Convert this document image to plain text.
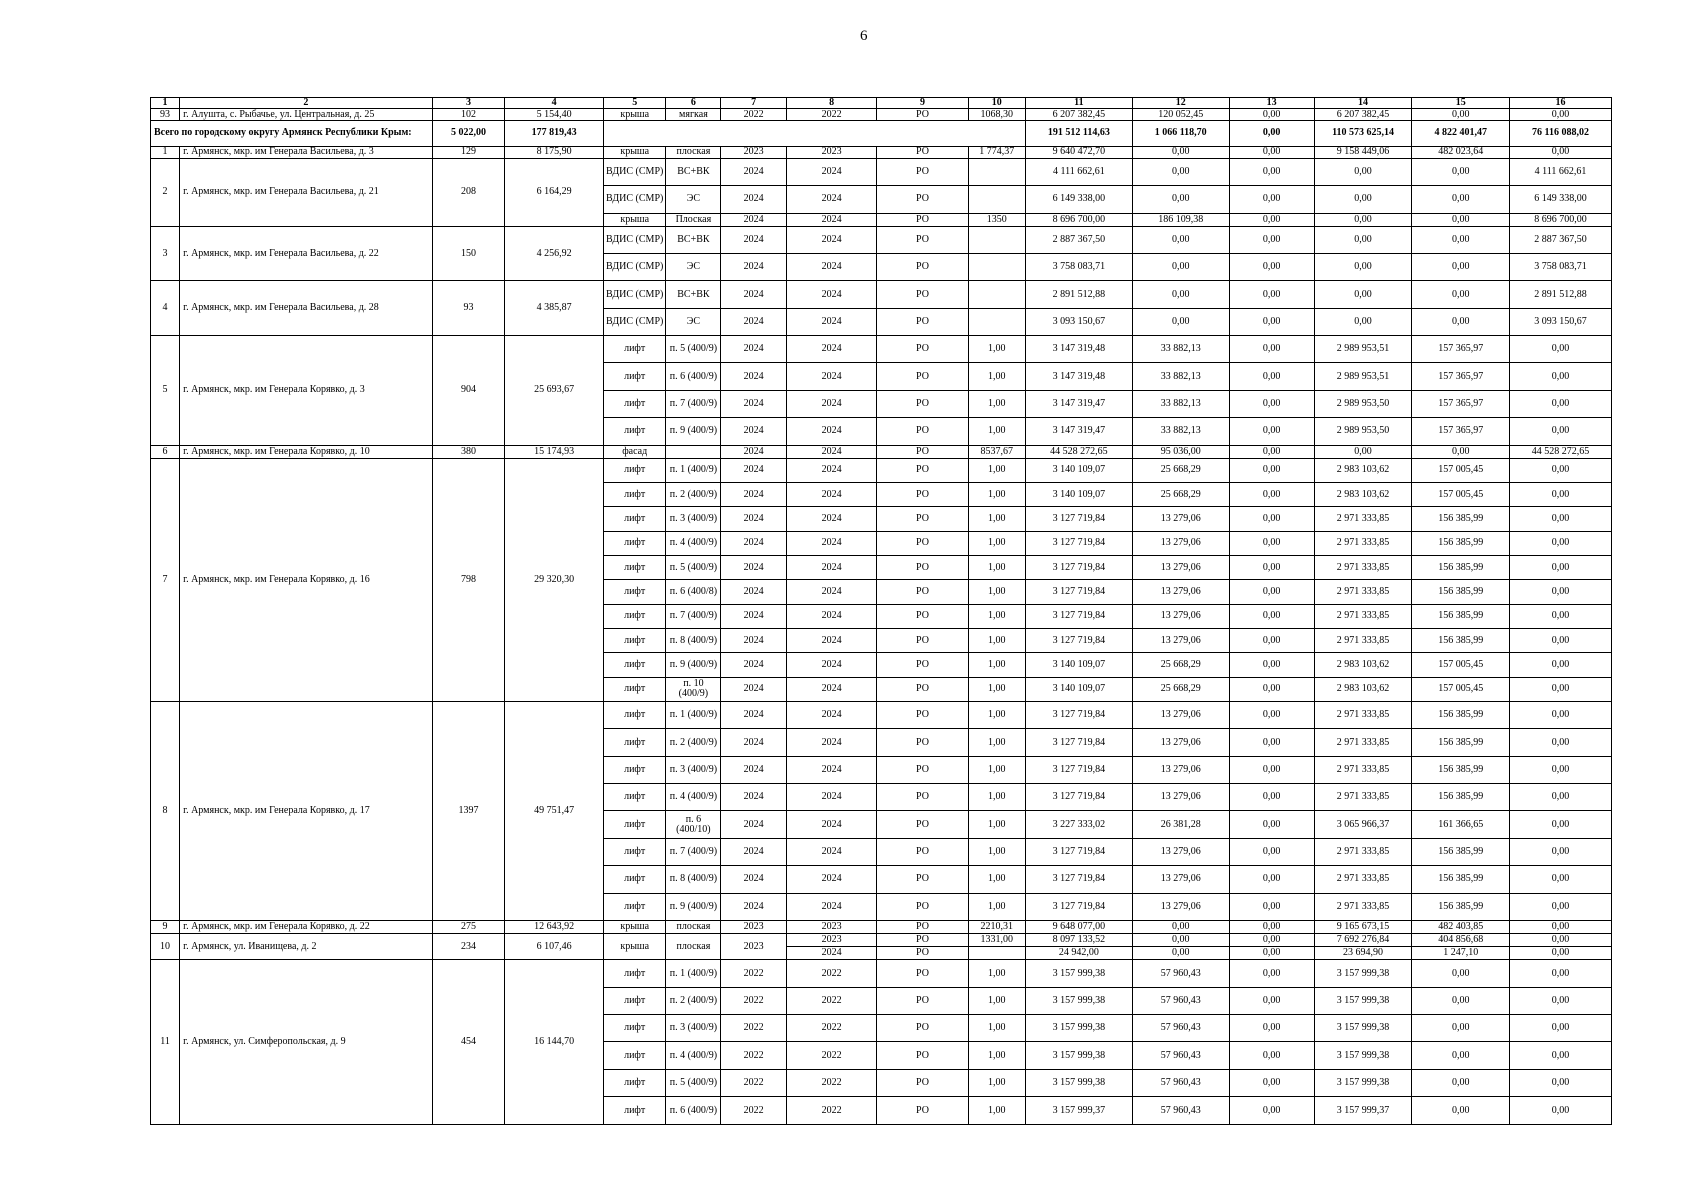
6
1	2	3	4	5	6	7	8	9	10	11	12	13	14	15	16
93	г. Алушта, с. Рыбачье, ул. Центральная, д. 25	102	5 154,40	крыша	мягкая	2022	2022	РО	1068,30	6 207 382,45	120 052,45	0,00	6 207 382,45	0,00	0,00
Всего по городскому округу Армянск Республики Крым:		5 022,00	177 819,43							191 512 114,63	1 066 118,70	0,00	110 573 625,14	4 822 401,47	76 116 088,02
1	г. Армянск, мкр. им Генерала Васильева, д. 3	129	8 175,90	крыша	плоская	2023	2023	РО	1 774,37	9 640 472,70	0,00	0,00	9 158 449,06	482 023,64	0,00
2	г. Армянск, мкр. им Генерала Васильева, д. 21	208	6 164,29	ВДИС (СМР)	ВС+ВК	2024	2024	РО		4 111 662,61	0,00	0,00	0,00	0,00	4 111 662,61
				ВДИС (СМР)	ЭС	2024	2024	РО		6 149 338,00	0,00	0,00	0,00	0,00	6 149 338,00
				крыша	Плоская	2024	2024	РО	1350	8 696 700,00	186 109,38	0,00	0,00	0,00	8 696 700,00
3	г. Армянск, мкр. им Генерала Васильева, д. 22	150	4 256,92	ВДИС (СМР)	ВС+ВК	2024	2024	РО		2 887 367,50	0,00	0,00	0,00	0,00	2 887 367,50
				ВДИС (СМР)	ЭС	2024	2024	РО		3 758 083,71	0,00	0,00	0,00	0,00	3 758 083,71
4	г. Армянск, мкр. им Генерала Васильева, д. 28	93	4 385,87	ВДИС (СМР)	ВС+ВК	2024	2024	РО		2 891 512,88	0,00	0,00	0,00	0,00	2 891 512,88
				ВДИС (СМР)	ЭС	2024	2024	РО		3 093 150,67	0,00	0,00	0,00	0,00	3 093 150,67
5	г. Армянск, мкр. им Генерала Корявко, д. 3	904	25 693,67	лифт	п. 5 (400/9)	2024	2024	РО	1,00	3 147 319,48	33 882,13	0,00	2 989 953,51	157 365,97	0,00
				лифт	п. 6 (400/9)	2024	2024	РО	1,00	3 147 319,48	33 882,13	0,00	2 989 953,51	157 365,97	0,00
				лифт	п. 7 (400/9)	2024	2024	РО	1,00	3 147 319,47	33 882,13	0,00	2 989 953,50	157 365,97	0,00
				лифт	п. 9 (400/9)	2024	2024	РО	1,00	3 147 319,47	33 882,13	0,00	2 989 953,50	157 365,97	0,00
6	г. Армянск, мкр. им Генерала Корявко, д. 10	380	15 174,93	фасад		2024	2024	РО	8537,67	44 528 272,65	95 036,00	0,00	0,00	0,00	44 528 272,65
7	г. Армянск, мкр. им Генерала Корявко, д. 16	798	29 320,30	лифт	п. 1 (400/9)	2024	2024	РО	1,00	3 140 109,07	25 668,29	0,00	2 983 103,62	157 005,45	0,00
				лифт	п. 2 (400/9)	2024	2024	РО	1,00	3 140 109,07	25 668,29	0,00	2 983 103,62	157 005,45	0,00
				лифт	п. 3 (400/9)	2024	2024	РО	1,00	3 127 719,84	13 279,06	0,00	2 971 333,85	156 385,99	0,00
				лифт	п. 4 (400/9)	2024	2024	РО	1,00	3 127 719,84	13 279,06	0,00	2 971 333,85	156 385,99	0,00
				лифт	п. 5 (400/9)	2024	2024	РО	1,00	3 127 719,84	13 279,06	0,00	2 971 333,85	156 385,99	0,00
				лифт	п. 6 (400/8)	2024	2024	РО	1,00	3 127 719,84	13 279,06	0,00	2 971 333,85	156 385,99	0,00
				лифт	п. 7 (400/9)	2024	2024	РО	1,00	3 127 719,84	13 279,06	0,00	2 971 333,85	156 385,99	0,00
				лифт	п. 8 (400/9)	2024	2024	РО	1,00	3 127 719,84	13 279,06	0,00	2 971 333,85	156 385,99	0,00
				лифт	п. 9 (400/9)	2024	2024	РО	1,00	3 140 109,07	25 668,29	0,00	2 983 103,62	157 005,45	0,00
				лифт	п. 10 (400/9)	2024	2024	РО	1,00	3 140 109,07	25 668,29	0,00	2 983 103,62	157 005,45	0,00
8	г. Армянск, мкр. им Генерала Корявко, д. 17	1397	49 751,47	лифт	п. 1 (400/9)	2024	2024	РО	1,00	3 127 719,84	13 279,06	0,00	2 971 333,85	156 385,99	0,00
				лифт	п. 2 (400/9)	2024	2024	РО	1,00	3 127 719,84	13 279,06	0,00	2 971 333,85	156 385,99	0,00
				лифт	п. 3 (400/9)	2024	2024	РО	1,00	3 127 719,84	13 279,06	0,00	2 971 333,85	156 385,99	0,00
				лифт	п. 4 (400/9)	2024	2024	РО	1,00	3 127 719,84	13 279,06	0,00	2 971 333,85	156 385,99	0,00
				лифт	п. 6 (400/10)	2024	2024	РО	1,00	3 227 333,02	26 381,28	0,00	3 065 966,37	161 366,65	0,00
				лифт	п. 7 (400/9)	2024	2024	РО	1,00	3 127 719,84	13 279,06	0,00	2 971 333,85	156 385,99	0,00
				лифт	п. 8 (400/9)	2024	2024	РО	1,00	3 127 719,84	13 279,06	0,00	2 971 333,85	156 385,99	0,00
				лифт	п. 9 (400/9)	2024	2024	РО	1,00	3 127 719,84	13 279,06	0,00	2 971 333,85	156 385,99	0,00
9	г. Армянск, мкр. им Генерала Корявко, д. 22	275	12 643,92	крыша	плоская	2023	2023	РО	2210,31	9 648 077,00	0,00	0,00	9 165 673,15	482 403,85	0,00
10	г. Армянск, ул. Иванищева, д. 2	234	6 107,46	крыша	плоская	2023	2023	РО	1331,00	8 097 133,52	0,00	0,00	7 692 276,84	404 856,68	0,00
							2024	РО		24 942,00	0,00	0,00	23 694,90	1 247,10	0,00
11	г. Армянск, ул. Симферопольская, д. 9	454	16 144,70	лифт	п. 1 (400/9)	2022	2022	РО	1,00	3 157 999,38	57 960,43	0,00	3 157 999,38	0,00	0,00
				лифт	п. 2 (400/9)	2022	2022	РО	1,00	3 157 999,38	57 960,43	0,00	3 157 999,38	0,00	0,00
				лифт	п. 3 (400/9)	2022	2022	РО	1,00	3 157 999,38	57 960,43	0,00	3 157 999,38	0,00	0,00
				лифт	п. 4 (400/9)	2022	2022	РО	1,00	3 157 999,38	57 960,43	0,00	3 157 999,38	0,00	0,00
				лифт	п. 5 (400/9)	2022	2022	РО	1,00	3 157 999,38	57 960,43	0,00	3 157 999,38	0,00	0,00
				лифт	п. 6 (400/9)	2022	2022	РО	1,00	3 157 999,37	57 960,43	0,00	3 157 999,37	0,00	0,00
